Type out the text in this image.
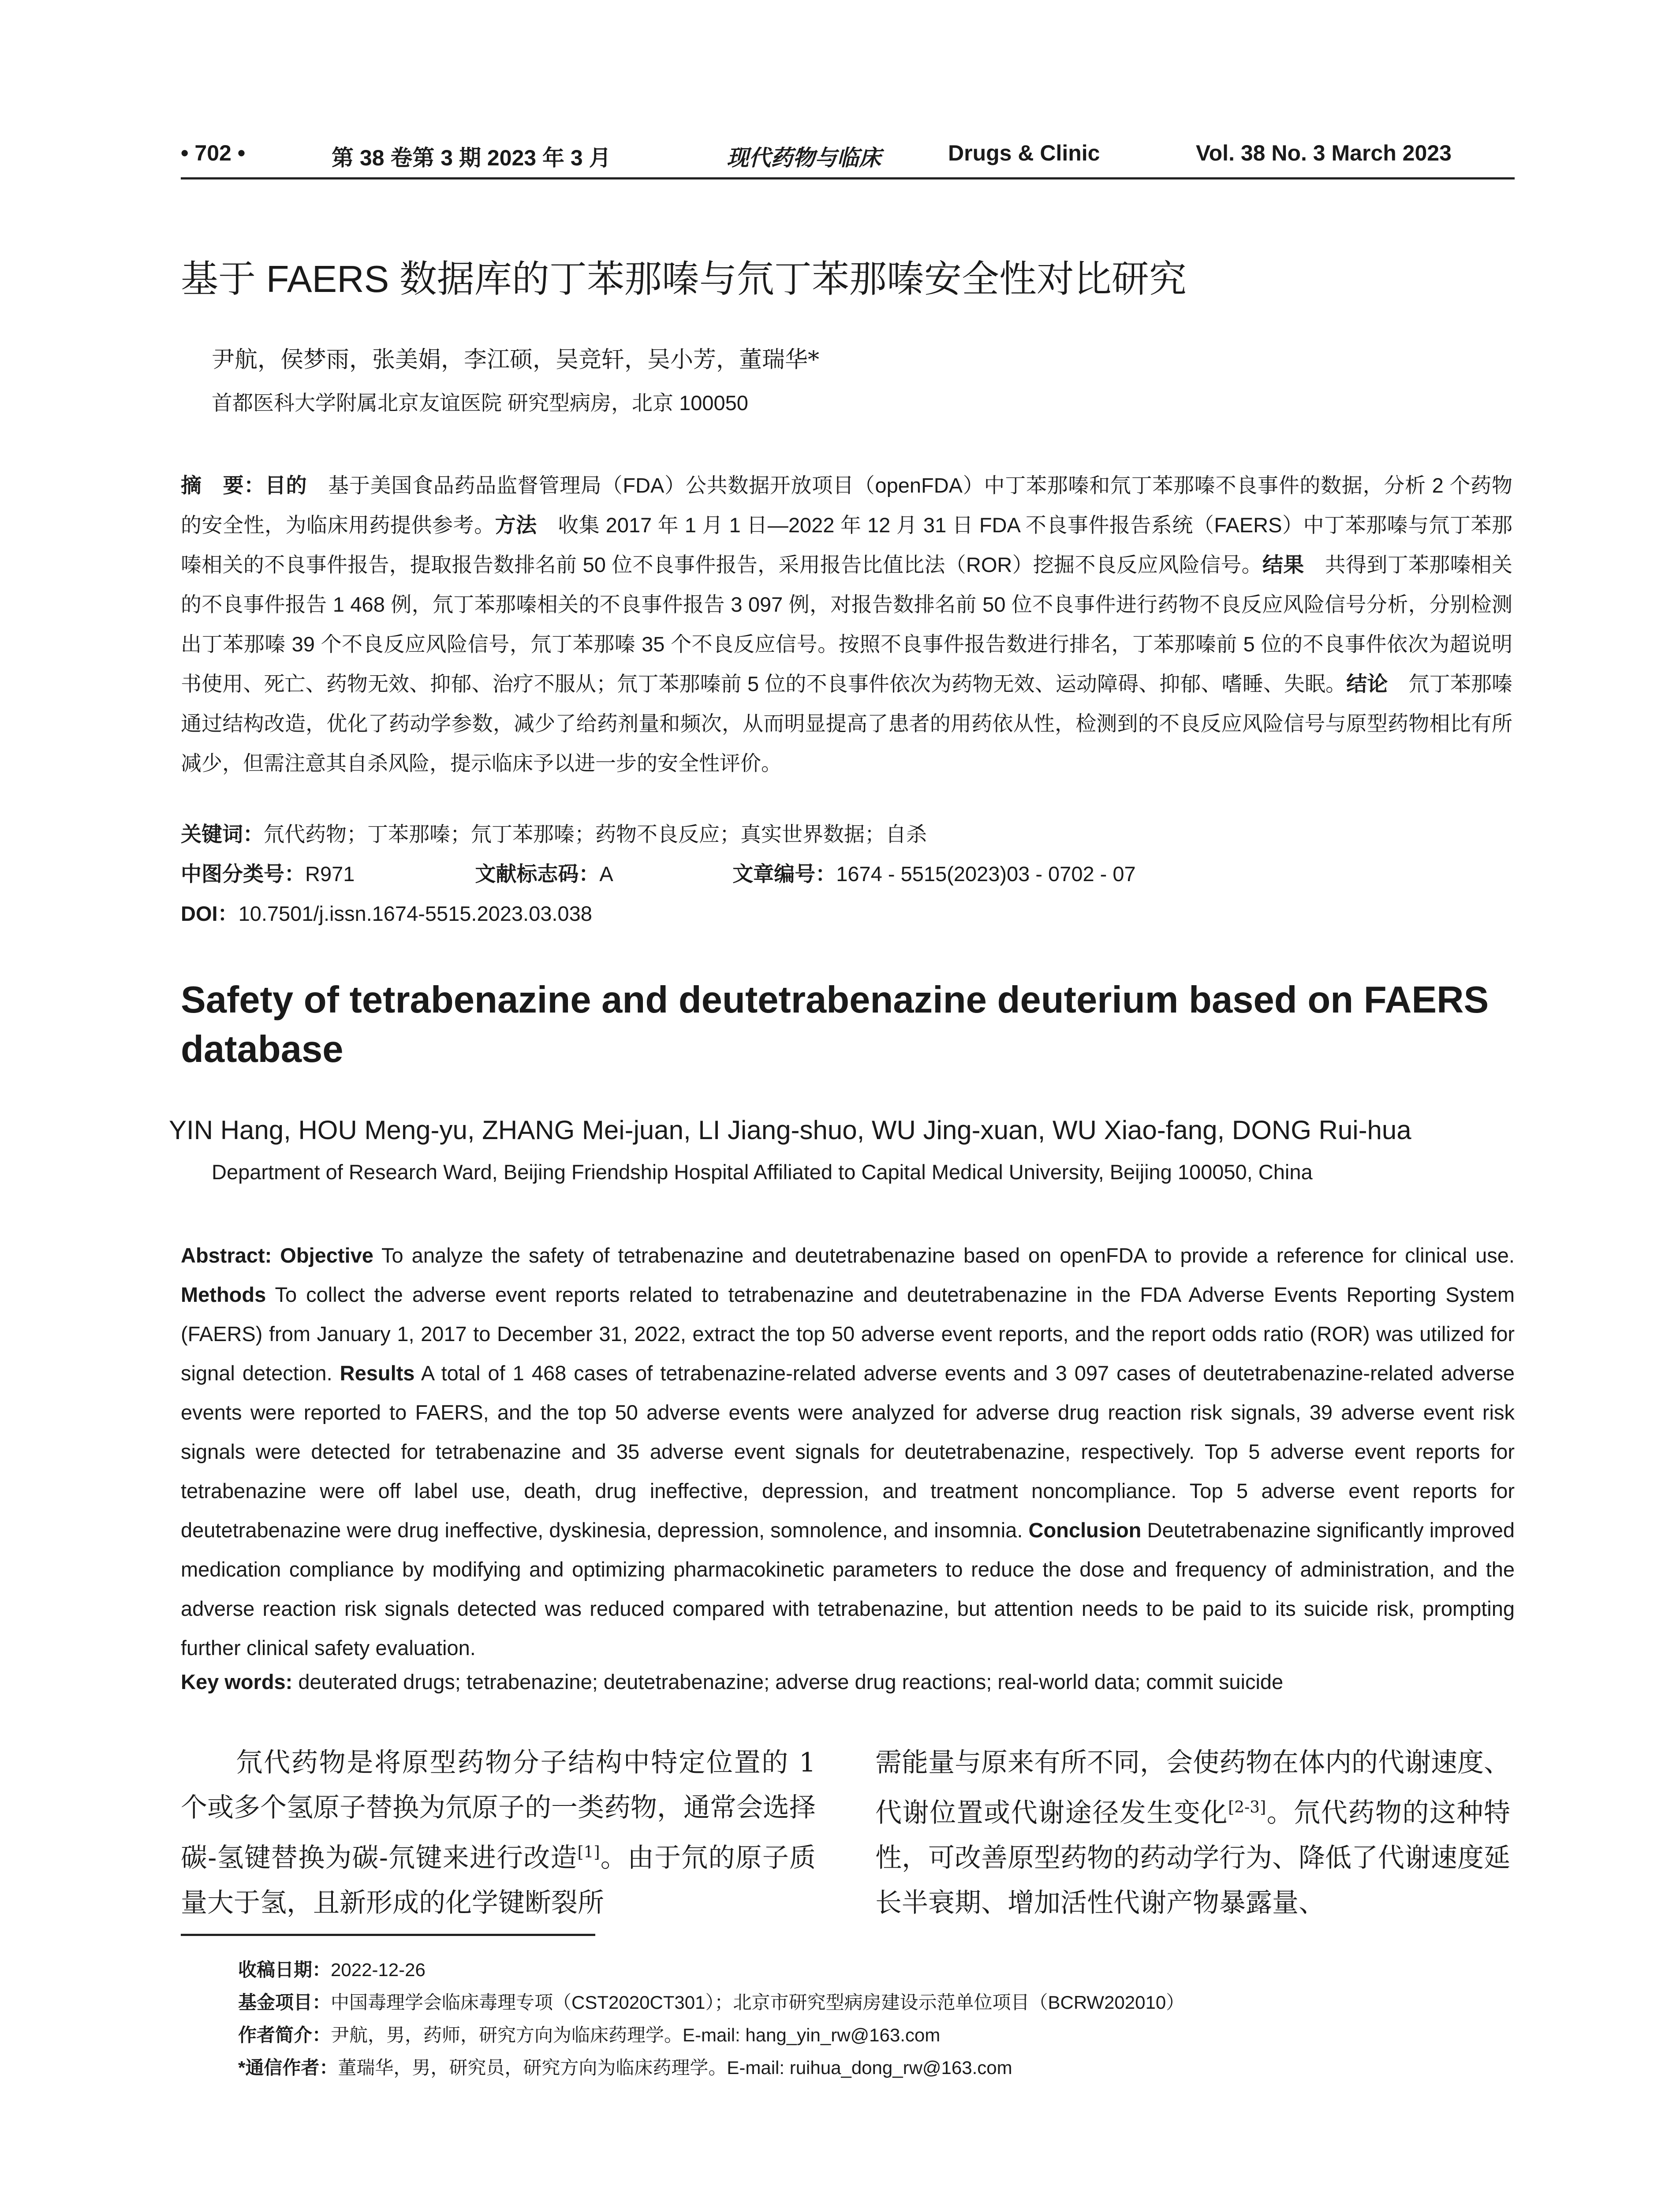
• 702 •	第 38 卷第 3 期 2023 年 3 月	现代药物与临床	Drugs & Clinic	Vol. 38 No. 3 March 2023
基于 FAERS 数据库的丁苯那嗪与氘丁苯那嗪安全性对比研究
尹航，侯梦雨，张美娟，李江硕，吴竞轩，吴小芳，董瑞华*
首都医科大学附属北京友谊医院 研究型病房，北京 100050
摘　要：目的　基于美国食品药品监督管理局（FDA）公共数据开放项目（openFDA）中丁苯那嗪和氘丁苯那嗪不良事件的数据，分析 2 个药物的安全性，为临床用药提供参考。方法　收集 2017 年 1 月 1 日—2022 年 12 月 31 日 FDA 不良事件报告系统（FAERS）中丁苯那嗪与氘丁苯那嗪相关的不良事件报告，提取报告数排名前 50 位不良事件报告，采用报告比值比法（ROR）挖掘不良反应风险信号。结果　共得到丁苯那嗪相关的不良事件报告 1 468 例，氘丁苯那嗪相关的不良事件报告 3 097 例，对报告数排名前 50 位不良事件进行药物不良反应风险信号分析，分别检测出丁苯那嗪 39 个不良反应风险信号，氘丁苯那嗪 35 个不良反应信号。按照不良事件报告数进行排名，丁苯那嗪前 5 位的不良事件依次为超说明书使用、死亡、药物无效、抑郁、治疗不服从；氘丁苯那嗪前 5 位的不良事件依次为药物无效、运动障碍、抑郁、嗜睡、失眠。结论　氘丁苯那嗪通过结构改造，优化了药动学参数，减少了给药剂量和频次，从而明显提高了患者的用药依从性，检测到的不良反应风险信号与原型药物相比有所减少，但需注意其自杀风险，提示临床予以进一步的安全性评价。
关键词：氘代药物；丁苯那嗪；氘丁苯那嗪；药物不良反应；真实世界数据；自杀
中图分类号：R971	文献标志码：A	文章编号：1674 - 5515(2023)03 - 0702 - 07
DOI：10.7501/j.issn.1674-5515.2023.03.038
Safety of tetrabenazine and deutetrabenazine deuterium based on FAERS database
YIN Hang, HOU Meng-yu, ZHANG Mei-juan, LI Jiang-shuo, WU Jing-xuan, WU Xiao-fang, DONG Rui-hua
Department of Research Ward, Beijing Friendship Hospital Affiliated to Capital Medical University, Beijing 100050, China
Abstract: Objective To analyze the safety of tetrabenazine and deutetrabenazine based on openFDA to provide a reference for clinical use. Methods To collect the adverse event reports related to tetrabenazine and deutetrabenazine in the FDA Adverse Events Reporting System (FAERS) from January 1, 2017 to December 31, 2022, extract the top 50 adverse event reports, and the report odds ratio (ROR) was utilized for signal detection. Results A total of 1 468 cases of tetrabenazine-related adverse events and 3 097 cases of deutetrabenazine-related adverse events were reported to FAERS, and the top 50 adverse events were analyzed for adverse drug reaction risk signals, 39 adverse event risk signals were detected for tetrabenazine and 35 adverse event signals for deutetrabenazine, respectively. Top 5 adverse event reports for tetrabenazine were off label use, death, drug ineffective, depression, and treatment noncompliance. Top 5 adverse event reports for deutetrabenazine were drug ineffective, dyskinesia, depression, somnolence, and insomnia. Conclusion Deutetrabenazine significantly improved medication compliance by modifying and optimizing pharmacokinetic parameters to reduce the dose and frequency of administration, and the adverse reaction risk signals detected was reduced compared with tetrabenazine, but attention needs to be paid to its suicide risk, prompting further clinical safety evaluation.
Key words: deuterated drugs; tetrabenazine; deutetrabenazine; adverse drug reactions; real-world data; commit suicide
　　氘代药物是将原型药物分子结构中特定位置的 1 个或多个氢原子替换为氘原子的一类药物，通常会选择碳-氢键替换为碳-氘键来进行改造[1]。由于氘的原子质量大于氢，且新形成的化学键断裂所
需能量与原来有所不同，会使药物在体内的代谢速度、代谢位置或代谢途径发生变化[2-3]。氘代药物的这种特性，可改善原型药物的药动学行为、降低了代谢速度延长半衰期、增加活性代谢产物暴露量、
收稿日期：2022-12-26
基金项目：中国毒理学会临床毒理专项（CST2020CT301）；北京市研究型病房建设示范单位项目（BCRW202010）
作者简介：尹航，男，药师，研究方向为临床药理学。E-mail: hang_yin_rw@163.com
*通信作者：董瑞华，男，研究员，研究方向为临床药理学。E-mail: ruihua_dong_rw@163.com
